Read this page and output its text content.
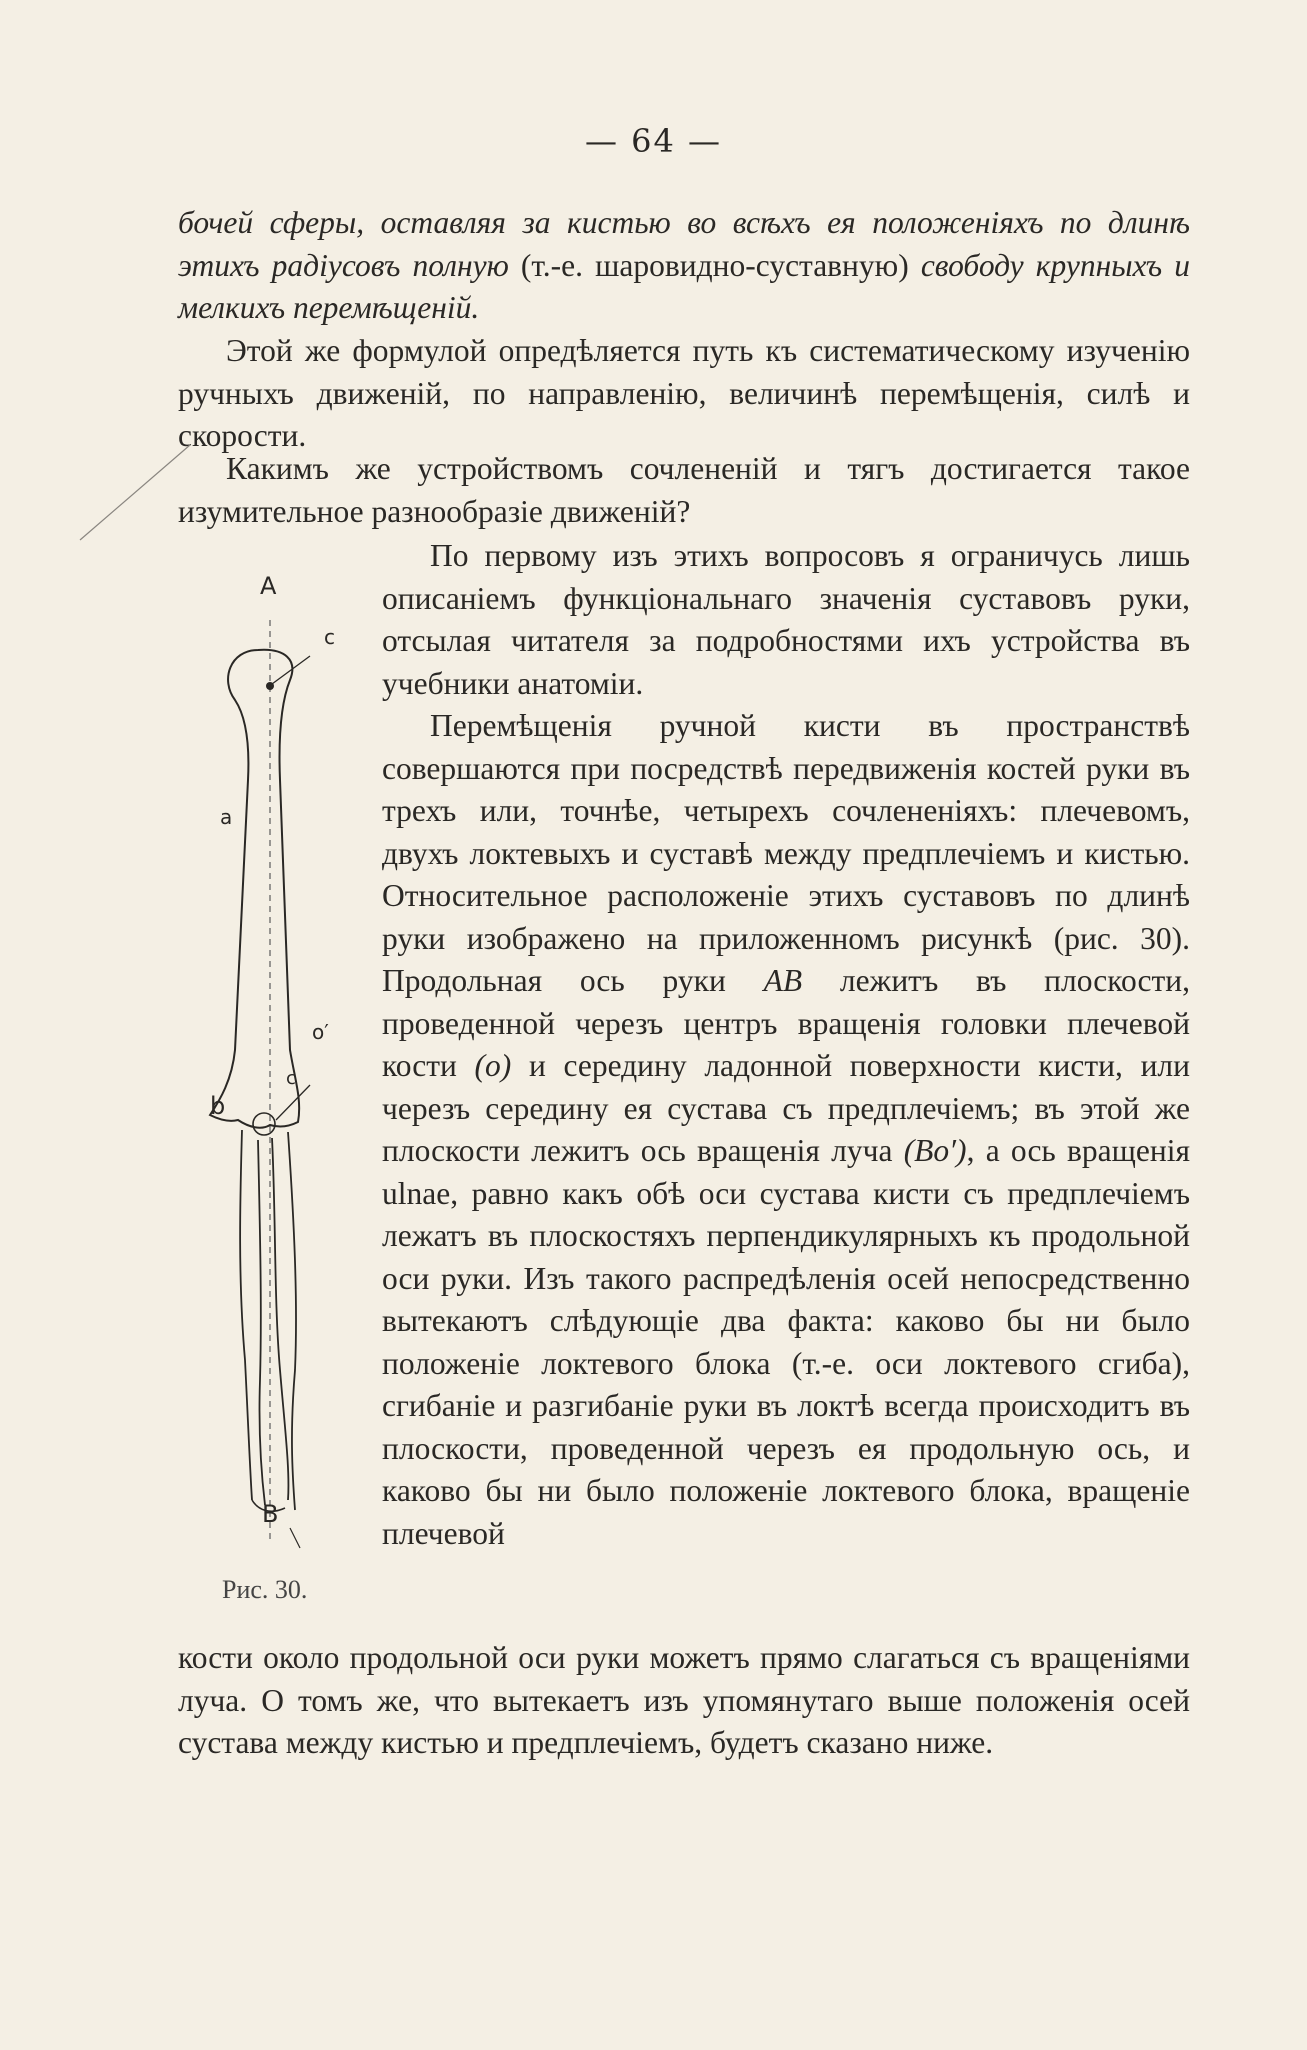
— 64 —

бочей сферы, оставляя за кистью во всѣхъ ея положеніяхъ по длинѣ этихъ радіусовъ полную (т.-е. шаровидно-суставную) свободу крупныхъ и мелкихъ перемѣщеній.

Этой же формулой опредѣляется путь къ систематическому изученію ручныхъ движеній, по направленію, величинѣ перемѣщенія, силѣ и скорости.

Какимъ же устройствомъ сочлененій и тягъ достигается такое изумительное разнообразіе движеній?

По первому изъ этихъ вопросовъ я ограничусь лишь описаніемъ функціональнаго значенія суставовъ руки, отсылая читателя за подробностями ихъ устройства въ учебники анатоміи.

Перемѣщенія ручной кисти въ пространствѣ совершаются при посредствѣ передвиженія костей руки въ трехъ или, точнѣе, четырехъ сочлененіяхъ: плечевомъ, двухъ локтевыхъ и суставѣ между предплечіемъ и кистью. Относительное расположеніе этихъ суставовъ по длинѣ руки изображено на приложенномъ рисункѣ (рис. 30). Продольная ось руки AB лежитъ въ плоскости, проведенной черезъ центръ вращенія головки плечевой кости (o) и середину ладонной поверхности кисти, или черезъ середину ея сустава съ предплечіемъ; въ этой же плоскости лежитъ ось вращенія луча (Bo′), а ось вращенія ulnae, равно какъ обѣ оси сустава кисти съ предплечіемъ лежатъ въ плоскостяхъ перпендикулярныхъ къ продольной оси руки. Изъ такого распредѣленія осей непосредственно вытекаютъ слѣдующіе два факта: каково бы ни было положеніе локтевого блока (т.-е. оси локтевого сгиба), сгибаніе и разгибаніе руки въ локтѣ всегда происходитъ въ плоскости, проведенной черезъ ея продольную ось, и каково бы ни было положеніе локтевого блока, вращеніе плечевой

кости около продольной оси руки можетъ прямо слагаться съ вращеніями луча. О томъ же, что вытекаетъ изъ упомянутаго выше положенія осей сустава между кистью и предплечіемъ, будетъ сказано ниже.

A
c
a
o′
c
b
B
Рис. 30.
